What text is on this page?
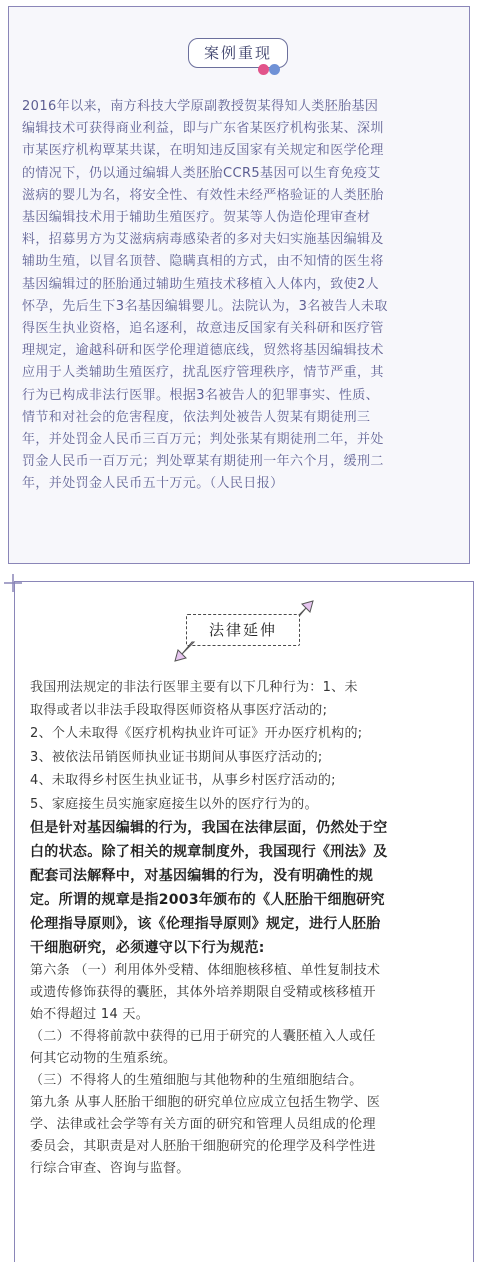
案例重现
2016年以来，南方科技大学原副教授贺某得知人类胚胎基因
编辑技术可获得商业利益，即与广东省某医疗机构张某、深圳
市某医疗机构覃某共谋，在明知违反国家有关规定和医学伦理
的情况下，仍以通过编辑人类胚胎CCR5基因可以生育免疫艾
滋病的婴儿为名，将安全性、有效性未经严格验证的人类胚胎
基因编辑技术用于辅助生殖医疗。贺某等人伪造伦理审查材
料，招募男方为艾滋病病毒感染者的多对夫妇实施基因编辑及
辅助生殖，以冒名顶替、隐瞒真相的方式，由不知情的医生将
基因编辑过的胚胎通过辅助生殖技术移植入人体内，致使2人
怀孕，先后生下3名基因编辑婴儿。法院认为，3名被告人未取
得医生执业资格，追名逐利，故意违反国家有关科研和医疗管
理规定，逾越科研和医学伦理道德底线，贸然将基因编辑技术
应用于人类辅助生殖医疗，扰乱医疗管理秩序，情节严重，其
行为已构成非法行医罪。根据3名被告人的犯罪事实、性质、
情节和对社会的危害程度，依法判处被告人贺某有期徒刑三
年，并处罚金人民币三百万元；判处张某有期徒刑二年，并处
罚金人民币一百万元；判处覃某有期徒刑一年六个月，缓刑二
年，并处罚金人民币五十万元。（人民日报）
法律延伸

我国刑法规定的非法行医罪主要有以下几种行为：1、未

取得或者以非法手段取得医师资格从事医疗活动的;

2、个人未取得《医疗机构执业许可证》开办医疗机构的;

3、被依法吊销医师执业证书期间从事医疗活动的;

4、未取得乡村医生执业证书，从事乡村医疗活动的;

5、家庭接生员实施家庭接生以外的医疗行为的。

但是针对基因编辑的行为，我国在法律层面，仍然处于空

白的状态。除了相关的规章制度外，我国现行《刑法》及

配套司法解释中，对基因编辑的行为，没有明确性的规

定。所谓的规章是指2003年颁布的《人胚胎干细胞研究

伦理指导原则》，该《伦理指导原则》规定，进行人胚胎

干细胞研究，必须遵守以下行为规范:

第六条 （一）利用体外受精、体细胞核移植、单性复制技术

或遗传修饰获得的囊胚，其体外培养期限自受精或核移植开

始不得超过 14 天。

（二）不得将前款中获得的已用于研究的人囊胚植入人或任

何其它动物的生殖系统。

（三）不得将人的生殖细胞与其他物种的生殖细胞结合。

第九条 从事人胚胎干细胞的研究单位应成立包括生物学、医

学、法律或社会学等有关方面的研究和管理人员组成的伦理

委员会，其职责是对人胚胎干细胞研究的伦理学及科学性进

行综合审查、咨询与监督。
